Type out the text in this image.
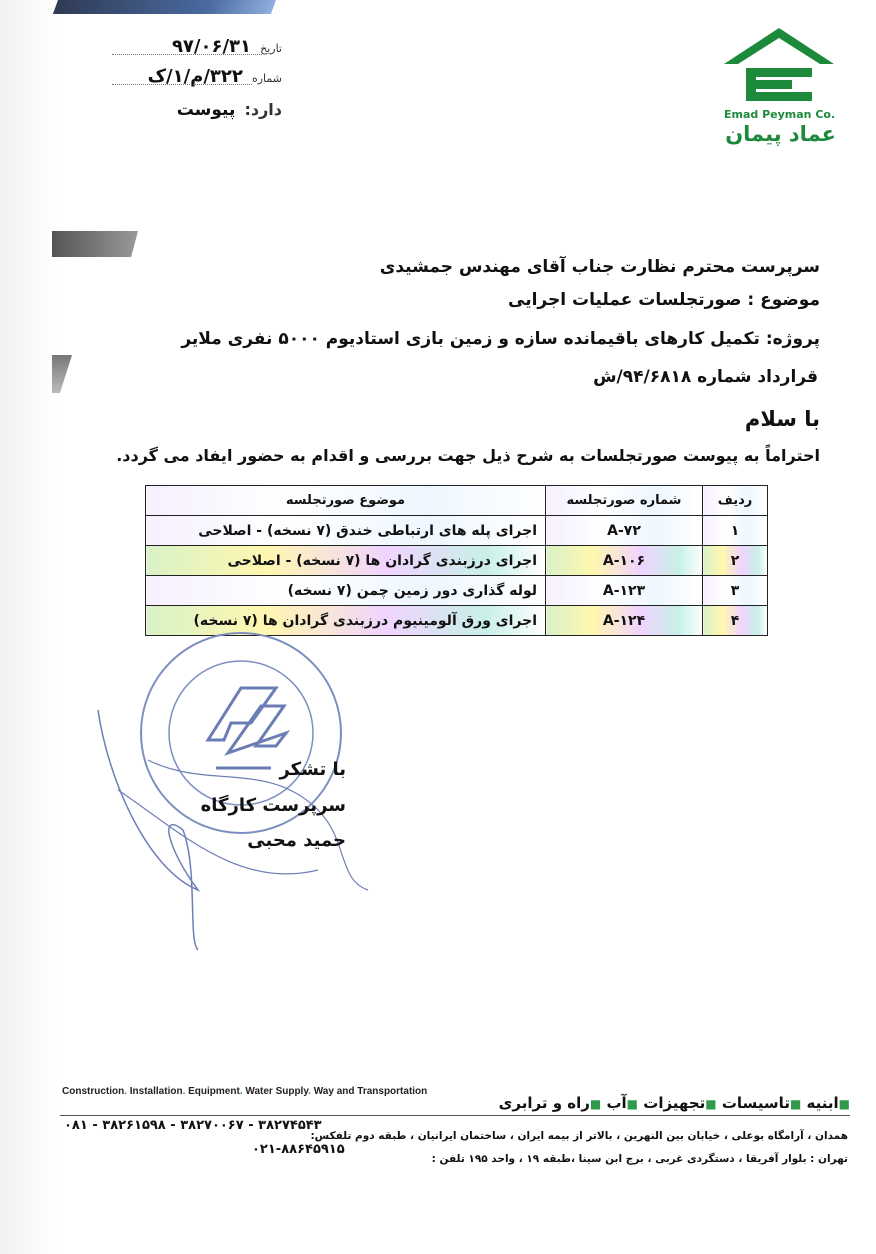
تاریخ ۹۷/۰۶/۳۱
شماره ۳۲۲/م/۱/ک
دارد: پیوست	Emad Peyman Co.
عماد پیمان
سرپرست محترم نظارت جناب آقای مهندس جمشیدی
موضوع : صورتجلسات عملیات اجرایی
پروژه: تکمیل کارهای باقیمانده سازه و زمین بازی استادیوم ۵۰۰۰ نفری ملایر
قرارداد شماره ۹۴/۶۸۱۸/ش
با سلام
احتراماً به پیوست صورتجلسات به شرح ذیل جهت بررسی و اقدام به حضور ایفاد می گردد.
ردیف	شماره صورتجلسه	موضوع صورتجلسه
۱	A-۷۲	اجرای پله های ارتباطی خندق (۷ نسخه) - اصلاحی
۲	A-۱۰۶	اجرای درزبندی گرادان ها (۷ نسخه) - اصلاحی
۳	A-۱۲۳	لوله گذاری دور زمین چمن (۷ نسخه)
۴	A-۱۲۴	اجرای ورق آلومینیوم درزبندی گرادان ها (۷ نسخه)
با تشکر
سرپرست کارگاه
حمید محبی
Construction. Installation. Equipment. Water Supply. Way and Transportation
■ابنیه ■تاسیسات ■تجهیزات ■آب ■راه و ترابری
همدان ، آرامگاه بوعلی ، خیابان بین النهرین ، بالاتر از بیمه ایران ، ساختمان ایرانیان ، طبقه دوم تلفکس:
۳۸۲۷۴۵۴۳ - ۳۸۲۷۰۰۶۷ - ۳۸۲۶۱۵۹۸ - ۰۸۱
تهران : بلوار آفریقا ، دستگردی غربی ، برج ابن سینا ،طبقه ۱۹ ، واحد ۱۹۵ تلفن :
۰۲۱-۸۸۶۴۵۹۱۵
